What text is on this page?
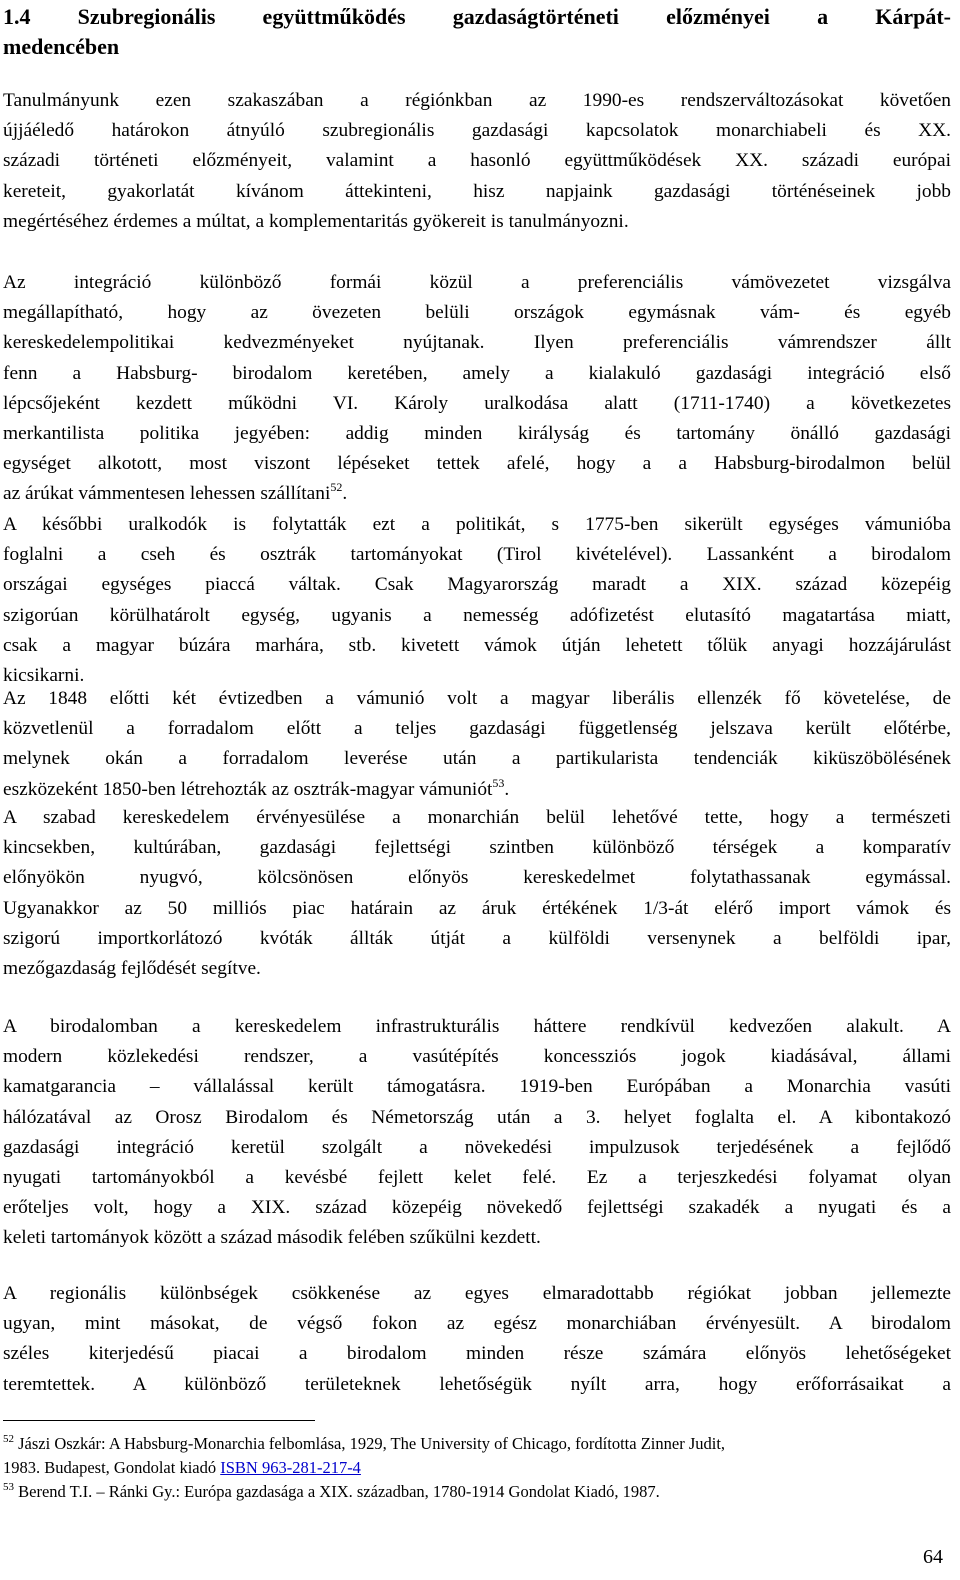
1.4 Szubregionális együttműködés gazdaságtörténeti előzményei a Kárpát-
medencében
Tanulmányunk ezen szakaszában a régiónkban az 1990-es rendszerváltozásokat követően
újjáéledő határokon átnyúló szubregionális gazdasági kapcsolatok monarchiabeli és XX.
századi történeti előzményeit, valamint a hasonló együttműködések XX. századi európai
kereteit, gyakorlatát kívánom áttekinteni, hisz napjaink gazdasági történéseinek jobb
megértéséhez érdemes a múltat, a komplementaritás gyökereit is tanulmányozni.
Az integráció különböző formái közül a preferenciális vámövezetet vizsgálva
megállapítható, hogy az övezeten belüli országok egymásnak vám- és egyéb
kereskedelempolitikai kedvezményeket nyújtanak. Ilyen preferenciális vámrendszer állt
fenn a Habsburg- birodalom keretében, amely a kialakuló gazdasági integráció első
lépcsőjeként kezdett működni VI. Károly uralkodása alatt (1711-1740) a következetes
merkantilista politika jegyében: addig minden királyság és tartomány önálló gazdasági
egységet alkotott, most viszont lépéseket tettek afelé, hogy a a Habsburg-birodalmon belül
az árúkat vámmentesen lehessen szállítani$^{52}$.
A későbbi uralkodók is folytatták ezt a politikát, s 1775-ben sikerült egységes vámunióba
foglalni a cseh és osztrák tartományokat (Tirol kivételével). Lassanként a birodalom
országai egységes piaccá váltak. Csak Magyarország maradt a XIX. század közepéig
szigorúan körülhatárolt egység, ugyanis a nemesség adófizetést elutasító magatartása miatt,
csak a magyar búzára marhára, stb. kivetett vámok útján lehetett tőlük anyagi hozzájárulást
kicsikarni.
Az 1848 előtti két évtizedben a vámunió volt a magyar liberális ellenzék fő követelése, de
közvetlenül a forradalom előtt a teljes gazdasági függetlenség jelszava került előtérbe,
melynek okán a forradalom leverése után a partikularista tendenciák kiküszöbölésének
eszközeként 1850-ben létrehozták az osztrák-magyar vámuniót$^{53}$.
A szabad kereskedelem érvényesülése a monarchián belül lehetővé tette, hogy a természeti
kincsekben, kultúrában, gazdasági fejlettségi szintben különböző térségek a komparatív
előnyökön nyugvó, kölcsönösen előnyös kereskedelmet folytathassanak egymással.
Ugyanakkor az 50 milliós piac határain az áruk értékének 1/3-át elérő import vámok és
szigorú importkorlátozó kvóták állták útját a külföldi versenynek a belföldi ipar,
mezőgazdaság fejlődését segítve.
A birodalomban a kereskedelem infrastrukturális háttere rendkívül kedvezően alakult. A
modern közlekedési rendszer, a vasútépítés koncessziós jogok kiadásával, állami
kamatgarancia – vállalással került támogatásra. 1919-ben Európában a Monarchia vasúti
hálózatával az Orosz Birodalom és Németország után a 3. helyet foglalta el. A kibontakozó
gazdasági integráció keretül szolgált a növekedési impulzusok terjedésének a fejlődő
nyugati tartományokból a kevésbé fejlett kelet felé. Ez a terjeszkedési folyamat olyan
erőteljes volt, hogy a XIX. század közepéig növekedő fejlettségi szakadék a nyugati és a
keleti tartományok között a század második felében szűkülni kezdett.
A regionális különbségek csökkenése az egyes elmaradottabb régiókat jobban jellemezte
ugyan, mint másokat, de végső fokon az egész monarchiában érvényesült. A birodalom
széles kiterjedésű piacai a birodalom minden része számára előnyös lehetőségeket
teremtettek. A különböző területeknek lehetőségük nyílt arra, hogy erőforrásaikat a
$^{52}$ Jászi Oszkár: A Habsburg-Monarchia felbomlása, 1929, The University of Chicago, fordította Zinner Judit,
1983. Budapest, Gondolat kiadó ISBN 963-281-217-4
$^{53}$ Berend T.I. – Ránki Gy.: Európa gazdasága a XIX. században, 1780-1914 Gondolat Kiadó, 1987.
64
